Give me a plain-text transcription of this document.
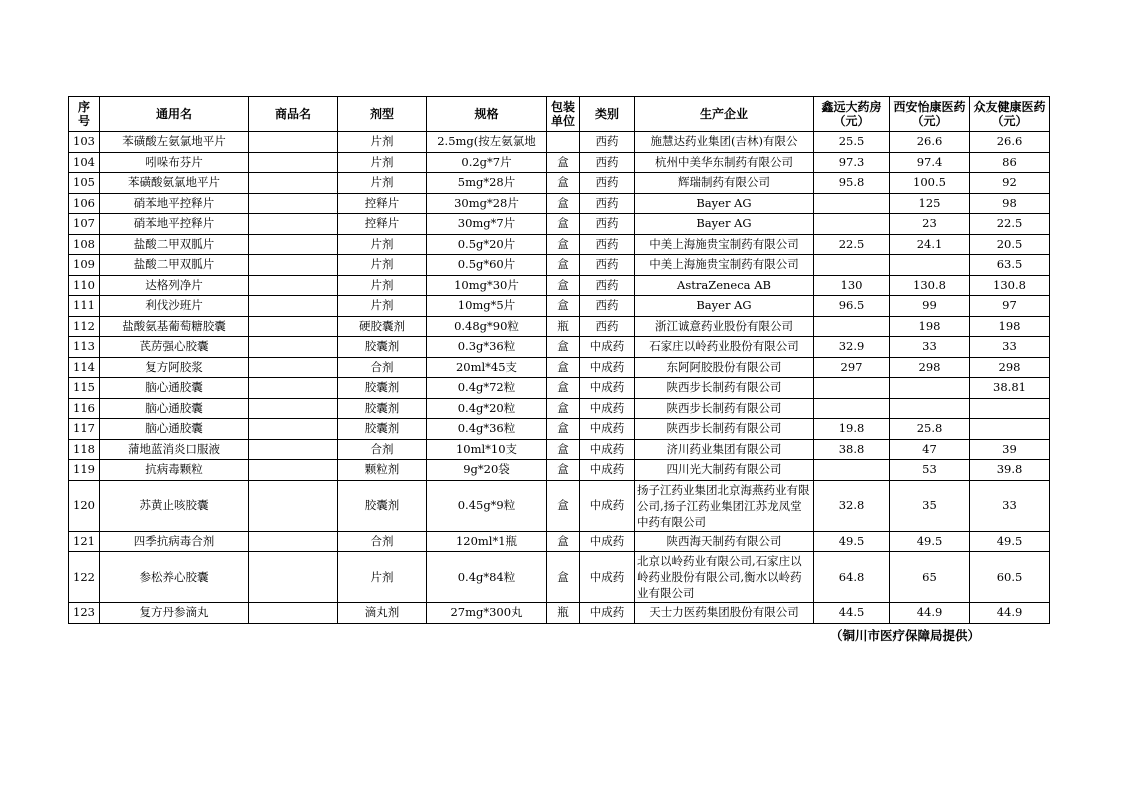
序号	通用名	商品名	剂型	规格	包装单位	类别	生产企业	鑫远大药房（元）	西安怡康医药（元）	众友健康医药（元）
103	苯磺酸左氨氯地平片		片剂	2.5mg(按左氨氯地		西药	施慧达药业集团(吉林)有限公	25.5	26.6	26.6
104	吲哚布芬片		片剂	0.2g*7片	盒	西药	杭州中美华东制药有限公司	97.3	97.4	86
105	苯磺酸氨氯地平片		片剂	5mg*28片	盒	西药	辉瑞制药有限公司	95.8	100.5	92
106	硝苯地平控释片		控释片	30mg*28片	盒	西药	Bayer AG		125	98
107	硝苯地平控释片		控释片	30mg*7片	盒	西药	Bayer AG		23	22.5
108	盐酸二甲双胍片		片剂	0.5g*20片	盒	西药	中美上海施贵宝制药有限公司	22.5	24.1	20.5
109	盐酸二甲双胍片		片剂	0.5g*60片	盒	西药	中美上海施贵宝制药有限公司			63.5
110	达格列净片		片剂	10mg*30片	盒	西药	AstraZeneca AB	130	130.8	130.8
111	利伐沙班片		片剂	10mg*5片	盒	西药	Bayer AG	96.5	99	97
112	盐酸氨基葡萄糖胶囊		硬胶囊剂	0.48g*90粒	瓶	西药	浙江诚意药业股份有限公司		198	198
113	芪苈强心胶囊		胶囊剂	0.3g*36粒	盒	中成药	石家庄以岭药业股份有限公司	32.9	33	33
114	复方阿胶浆		合剂	20ml*45支	盒	中成药	东阿阿胶股份有限公司	297	298	298
115	脑心通胶囊		胶囊剂	0.4g*72粒	盒	中成药	陕西步长制药有限公司			38.81
116	脑心通胶囊		胶囊剂	0.4g*20粒	盒	中成药	陕西步长制药有限公司			
117	脑心通胶囊		胶囊剂	0.4g*36粒	盒	中成药	陕西步长制药有限公司	19.8	25.8	
118	蒲地蓝消炎口服液		合剂	10ml*10支	盒	中成药	济川药业集团有限公司	38.8	47	39
119	抗病毒颗粒		颗粒剂	9g*20袋	盒	中成药	四川光大制药有限公司		53	39.8
120	苏黄止咳胶囊		胶囊剂	0.45g*9粒	盒	中成药	扬子江药业集团北京海燕药业有限公司,扬子江药业集团江苏龙凤堂中药有限公司	32.8	35	33
121	四季抗病毒合剂		合剂	120ml*1瓶	盒	中成药	陕西海天制药有限公司	49.5	49.5	49.5
122	参松养心胶囊		片剂	0.4g*84粒	盒	中成药	北京以岭药业有限公司,石家庄以岭药业股份有限公司,衡水以岭药业有限公司	64.8	65	60.5
123	复方丹参滴丸		滴丸剂	27mg*300丸	瓶	中成药	天士力医药集团股份有限公司	44.5	44.9	44.9
（铜川市医疗保障局提供）
